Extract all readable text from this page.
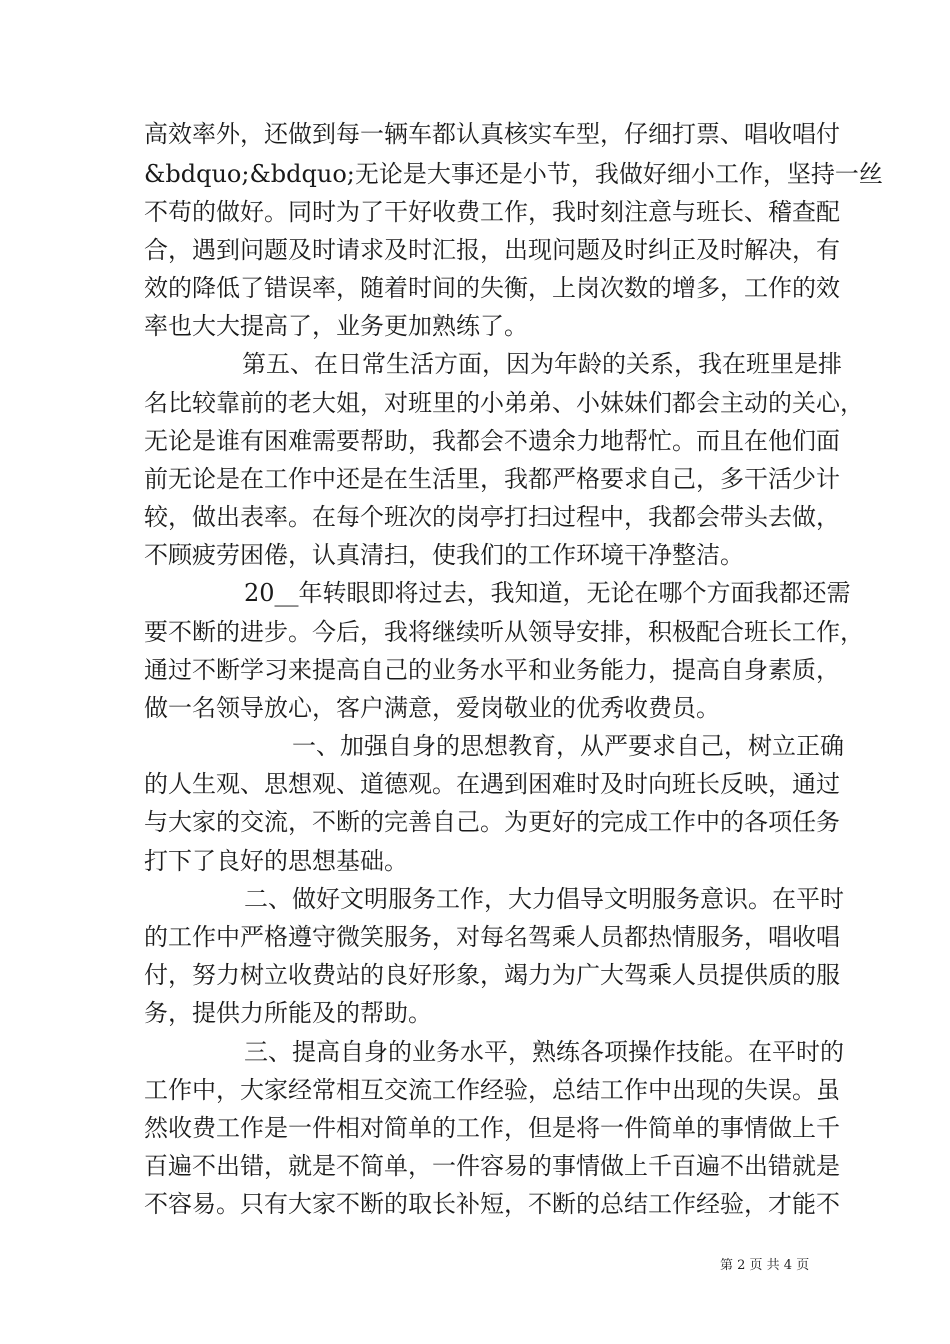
高效率外，还做到每一辆车都认真核实车型，仔细打票、唱收唱付
&bdquo;&bdquo;无论是大事还是小节，我做好细小工作，坚持一丝
不苟的做好。同时为了干好收费工作，我时刻注意与班长、稽查配
合，遇到问题及时请求及时汇报，出现问题及时纠正及时解决，有
效的降低了错误率，随着时间的失衡，上岗次数的增多，工作的效
率也大大提高了，业务更加熟练了。
第五、在日常生活方面，因为年龄的关系，我在班里是排
名比较靠前的老大姐，对班里的小弟弟、小妹妹们都会主动的关心，
无论是谁有困难需要帮助，我都会不遗余力地帮忙。而且在他们面
前无论是在工作中还是在生活里，我都严格要求自己，多干活少计
较，做出表率。在每个班次的岗亭打扫过程中，我都会带头去做，
不顾疲劳困倦，认真清扫，使我们的工作环境干净整洁。
20__年转眼即将过去，我知道，无论在哪个方面我都还需
要不断的进步。今后，我将继续听从领导安排，积极配合班长工作，
通过不断学习来提高自己的业务水平和业务能力，提高自身素质，
做一名领导放心，客户满意，爱岗敬业的优秀收费员。
一、加强自身的思想教育，从严要求自己，树立正确
的人生观、思想观、道德观。在遇到困难时及时向班长反映，通过
与大家的交流，不断的完善自己。为更好的完成工作中的各项任务
打下了良好的思想基础。
二、做好文明服务工作，大力倡导文明服务意识。在平时
的工作中严格遵守微笑服务，对每名驾乘人员都热情服务，唱收唱
付，努力树立收费站的良好形象，竭力为广大驾乘人员提供质的服
务，提供力所能及的帮助。
三、提高自身的业务水平，熟练各项操作技能。在平时的
工作中，大家经常相互交流工作经验，总结工作中出现的失误。虽
然收费工作是一件相对简单的工作，但是将一件简单的事情做上千
百遍不出错，就是不简单，一件容易的事情做上千百遍不出错就是
不容易。只有大家不断的取长补短，不断的总结工作经验，才能不
第 2 页 共 4 页
